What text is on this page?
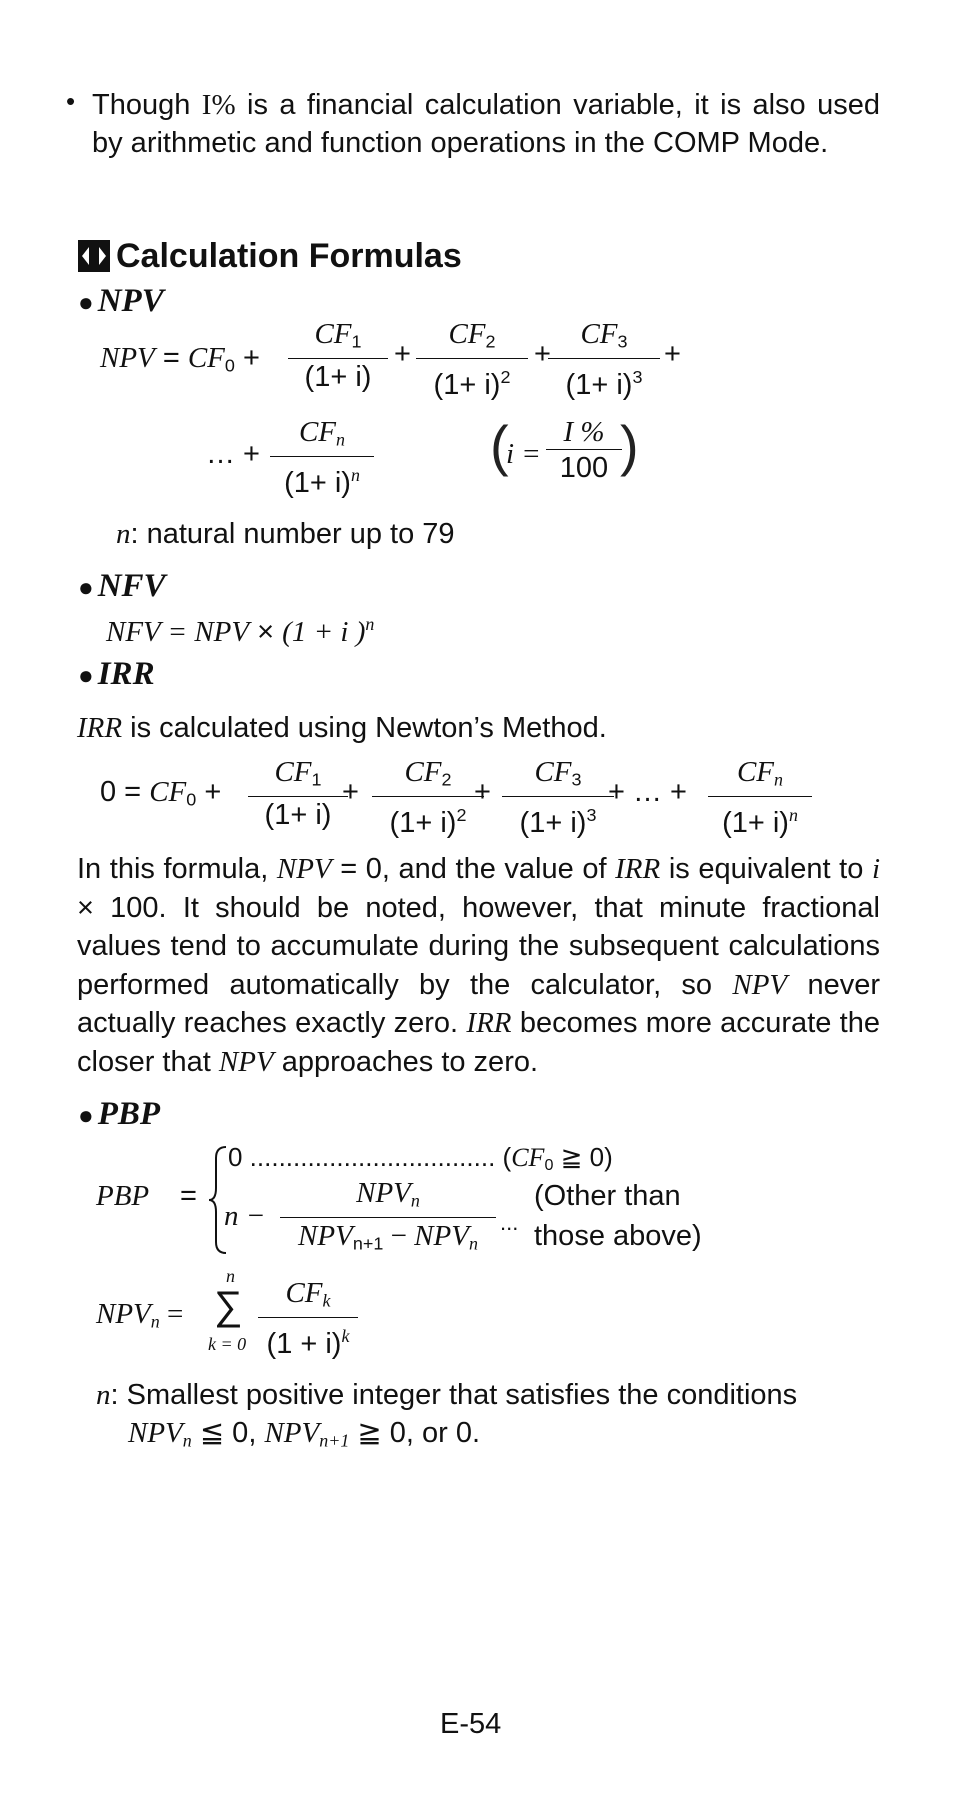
• Though I% is a financial calculation variable, it is also used by arithmetic and function operations in the COMP Mode.
Calculation Formulas
● NPV
NPV = $CF_0$ +
$CF_1$
(1+ i)
+
$CF_2$
$(1+ i)^2$
+
$CF_3$
$(1+ i)^3$
+
… +
$CF_n$
$(1+ i)^n$ (
i =
I %
100 )
n: natural number up to 79
● NFV
NFV = NPV × (1 + i )$^n$
● IRR
IRR is calculated using Newton’s Method.
$0 = CF_0$ +
$CF_1$
(1+ i)
+
$CF_2$
$(1+ i)^2$
+
$CF_3$
$(1+ i)^3$
+ … +
$CF_n$
$(1+ i)^n$
In this formula, NPV = 0, and the value of IRR is equivalent to i × 100. It should be noted, however, that minute fractional values tend to accumulate during the subsequent calculations performed automatically by the calculator, so NPV never actually reaches exactly zero. IRR becomes more accurate the closer that NPV approaches to zero.
● PBP
PBP =
0 .................................. ($CF_0$ ≧ 0)
n −
$NPV_n$
$NPV_{n+1} - NPV_n$
...
(Other than
those above)
$NPV_n$ =
n
∑
k = 0
$CF_k$
$(1 + i)^k$
n: Smallest positive integer that satisfies the conditions
$NPV_n$ ≦ 0, $NPV_{n+1}$ ≧ 0, or 0.
E-54
